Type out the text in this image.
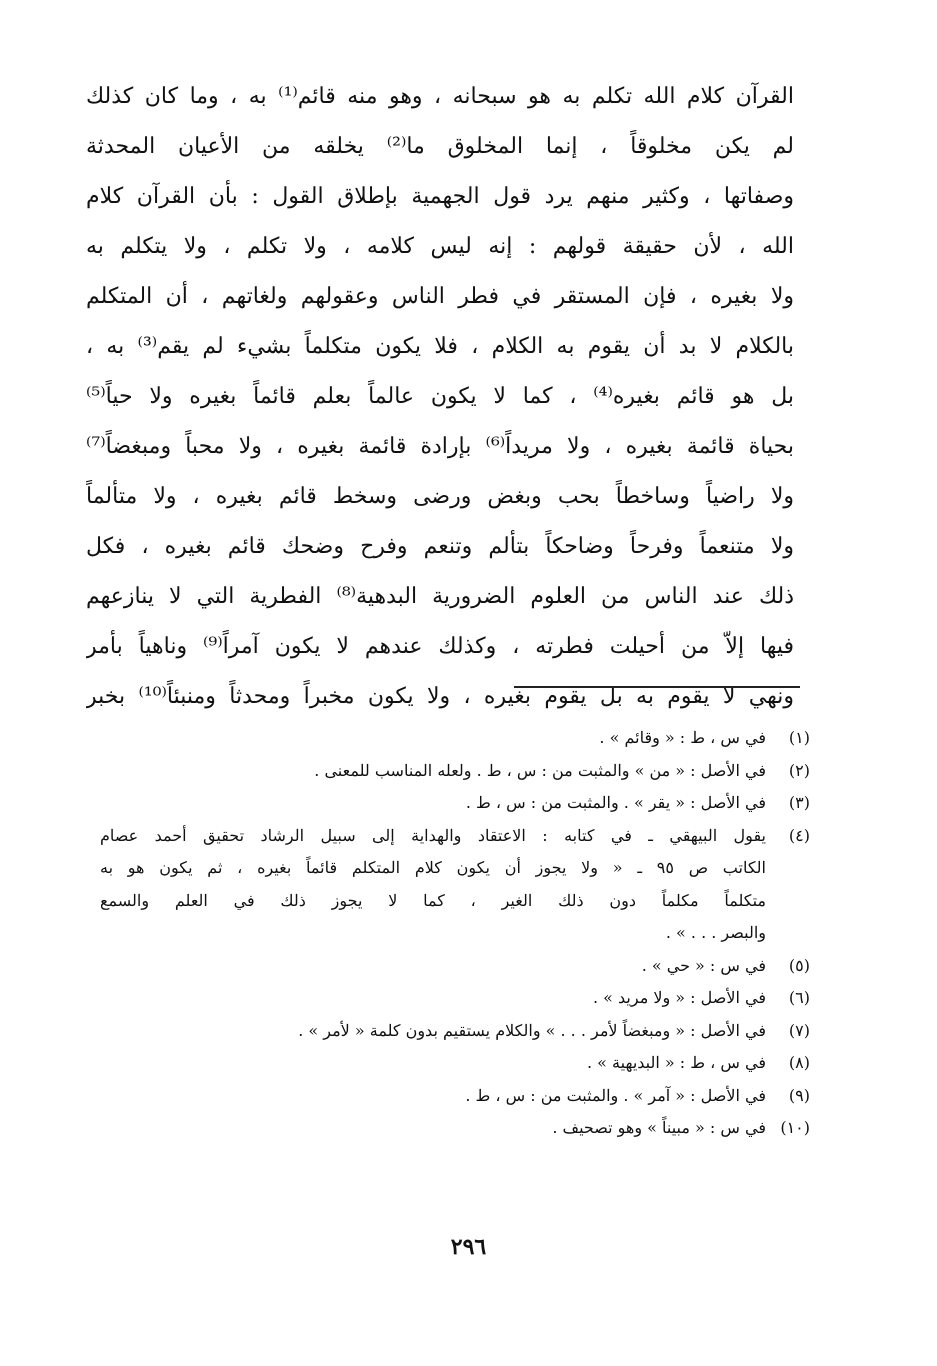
القرآن كلام الله تكلم به هو سبحانه ، وهو منه قائم⁽¹⁾ به ، وما كان كذلك
لم يكن مخلوقاً ، إنما المخلوق ما⁽²⁾ يخلقه من الأعيان المحدثة
وصفاتها ، وكثير منهم يرد قول الجهمية بإطلاق القول : بأن القرآن كلام
الله ، لأن حقيقة قولهم : إنه ليس كلامه ، ولا تكلم ، ولا يتكلم به
ولا بغيره ، فإن المستقر في فطر الناس وعقولهم ولغاتهم ، أن المتكلم
بالكلام لا بد أن يقوم به الكلام ، فلا يكون متكلماً بشيء لم يقم⁽³⁾ به ،
بل هو قائم بغيره⁽⁴⁾ ، كما لا يكون عالماً بعلم قائماً بغيره ولا حياً⁽⁵⁾
بحياة قائمة بغيره ، ولا مريداً⁽⁶⁾ بإرادة قائمة بغيره ، ولا محباً ومبغضاً⁽⁷⁾
ولا راضياً وساخطاً بحب وبغض ورضى وسخط قائم بغيره ، ولا متألماً
ولا متنعماً وفرحاً وضاحكاً بتألم وتنعم وفرح وضحك قائم بغيره ، فكل
ذلك عند الناس من العلوم الضرورية البدهية⁽⁸⁾ الفطرية التي لا ينازعهم
فيها إلاّ من أحيلت فطرته ، وكذلك عندهم لا يكون آمراً⁽⁹⁾ وناهياً بأمر
ونهي لا يقوم به بل يقوم بغيره ، ولا يكون مخبراً ومحدثاً ومنبئاً⁽¹⁰⁾ بخبر
(١)
في س ، ط : « وقائم » .
(٢)
في الأصل : « من » والمثبت من : س ، ط . ولعله المناسب للمعنى .
(٣)
في الأصل : « يقر » . والمثبت من : س ، ط .
(٤)
يقول البيهقي ـ في كتابه : الاعتقاد والهداية إلى سبيل الرشاد تحقيق أحمد عصام
الكاتب ص ٩٥ ـ « ولا يجوز أن يكون كلام المتكلم قائماً بغيره ، ثم يكون هو به
متكلماً مكلماً دون ذلك الغير ، كما لا يجوز ذلك في العلم والسمع
والبصر . . . » .
(٥)
في س : « حي » .
(٦)
في الأصل : « ولا مريد » .
(٧)
في الأصل : « ومبغضاً لأمر . . . » والكلام يستقيم بدون كلمة « لأمر » .
(٨)
في س ، ط : « البديهية » .
(٩)
في الأصل : « آمر » . والمثبت من : س ، ط .
(١٠)
في س : « مبيناً » وهو تصحيف .
٢٩٦
